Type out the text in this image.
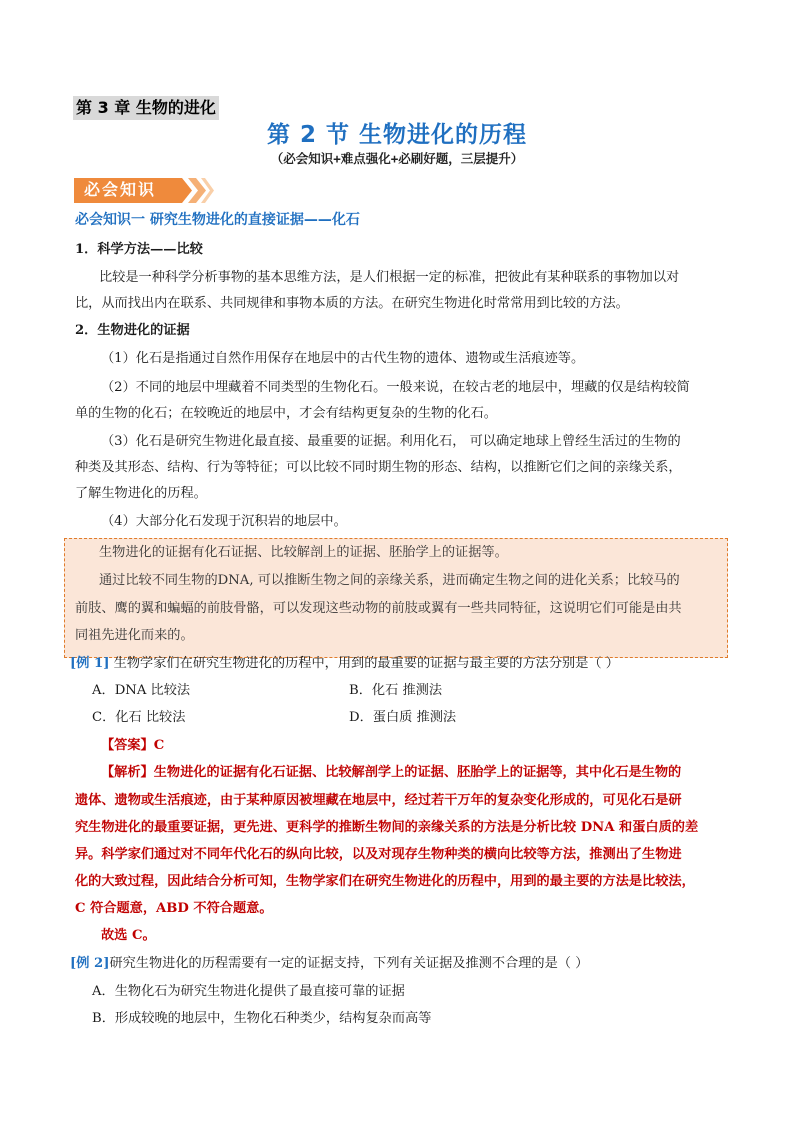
第 3 章 生物的进化
第 2 节 生物进化的历程
（必会知识+难点强化+必刷好题，三层提升）
必会知识
必会知识一 研究生物进化的直接证据——化石
1．科学方法——比较
比较是一种科学分析事物的基本思维方法，是人们根据一定的标准，把彼此有某种联系的事物加以对
比，从而找出内在联系、共同规律和事物本质的方法。在研究生物进化时常常用到比较的方法。
2．生物进化的证据
（1）化石是指通过自然作用保存在地层中的古代生物的遗体、遗物或生活痕迹等。
（2）不同的地层中埋藏着不同类型的生物化石。一般来说，在较古老的地层中，埋藏的仅是结构较简
单的生物的化石；在较晚近的地层中，才会有结构更复杂的生物的化石。
（3）化石是研究生物进化最直接、最重要的证据。利用化石， 可以确定地球上曾经生活过的生物的
种类及其形态、结构、行为等特征；可以比较不同时期生物的形态、结构，以推断它们之间的亲缘关系，
了解生物进化的历程。
（4）大部分化石发现于沉积岩的地层中。
生物进化的证据有化石证据、比较解剖上的证据、胚胎学上的证据等。
通过比较不同生物的DNA, 可以推断生物之间的亲缘关系，进而确定生物之间的进化关系；比较马的
前肢、鹰的翼和蝙蝠的前肢骨骼，可以发现这些动物的前肢或翼有一些共同特征，这说明它们可能是由共
同祖先进化而来的。
[例 1] 生物学家们在研究生物进化的历程中，用到的最重要的证据与最主要的方法分别是（ ）
A．DNA 比较法	B．化石 推测法
C．化石 比较法	D．蛋白质 推测法
【答案】C
【解析】生物进化的证据有化石证据、比较解剖学上的证据、胚胎学上的证据等，其中化石是生物的
遗体、遗物或生活痕迹，由于某种原因被埋藏在地层中，经过若干万年的复杂变化形成的，可见化石是研
究生物进化的最重要证据，更先进、更科学的推断生物间的亲缘关系的方法是分析比较 DNA 和蛋白质的差
异。科学家们通过对不同年代化石的纵向比较，以及对现存生物种类的横向比较等方法，推测出了生物进
化的大致过程，因此结合分析可知，生物学家们在研究生物进化的历程中，用到的最主要的方法是比较法，
C 符合题意，ABD 不符合题意。
故选 C。
[例 2]研究生物进化的历程需要有一定的证据支持，下列有关证据及推测不合理的是（ ）
A．生物化石为研究生物进化提供了最直接可靠的证据
B．形成较晚的地层中，生物化石种类少，结构复杂而高等
